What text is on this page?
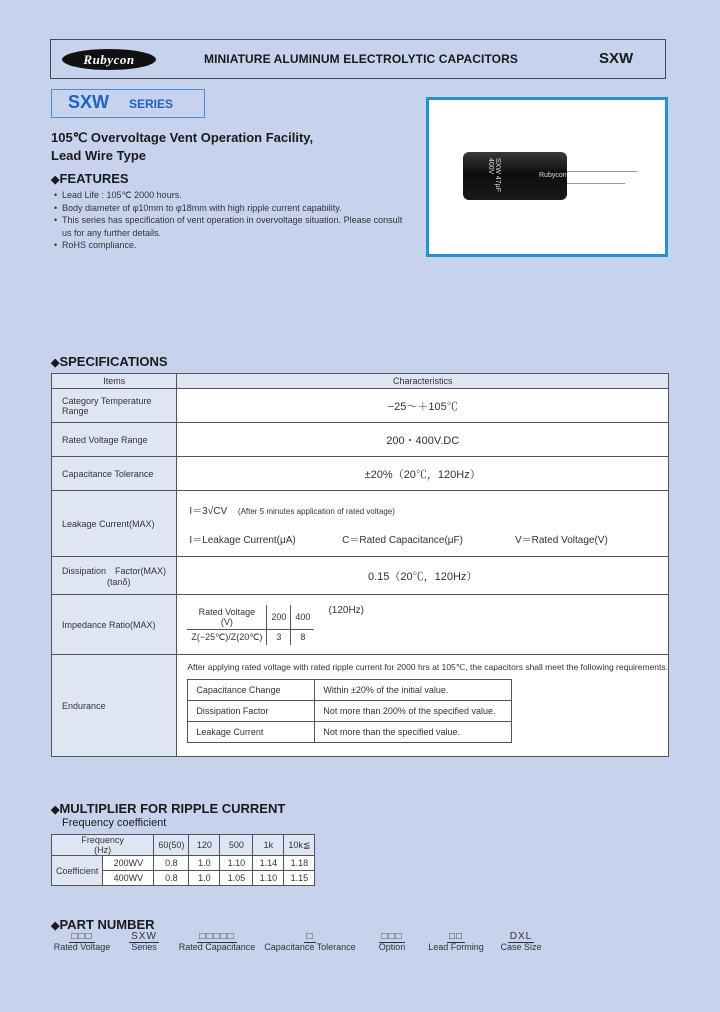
Rubycon	MINIATURE ALUMINUM ELECTROLYTIC CAPACITORS	SXW
SXW SERIES
105℃ Overvoltage Vent Operation Facility,
Lead Wire Type
◆FEATURES
• Lead Life : 105℃ 2000 hours.
• Body diameter of φ10mm to φ18mm with high ripple current capability.
• This series has specification of vent operation in overvoltage situation. Please consult
us for any further details.
• RoHS compliance.
SXW 47µF 400V
Rubycon
◆SPECIFICATIONS
Items	Characteristics
Category Temperature Range	−25～＋105℃
Rated Voltage Range	200・400V.DC
Capacitance Tolerance	±20%（20℃，120Hz）
Leakage Current(MAX)	
I＝3√CV (After 5 minutes application of rated voltage)
I＝Leakage Current(μA)	C＝Rated Capacitance(μF)	V＝Rated Voltage(V)

Dissipation　Factor(MAX)
(tanδ)	0.15（20℃，120Hz）
Impedance Ratio(MAX)	
Rated Voltage
(V)	200	400
Z(−25℃)/Z(20℃)	3	8
(120Hz)

Endurance	
After applying rated voltage with rated ripple current for 2000 hrs at 105℃, the capacitors shall meet the following requirements.
Capacitance Change	Within ±20% of the initial value.
Dissipation Factor	Not more than 200% of the specified value.
Leakage Current	Not more than the specified value.
◆MULTIPLIER FOR RIPPLE CURRENT
Frequency coefficient
Frequency
(Hz)		60(50)	120	500	1k	10k≦
Coefficient	200WV	0.8	1.0	1.10	1.14	1.18
	400WV	0.8	1.0	1.05	1.10	1.15
◆PART NUMBER
□□□
Rated Voltage
SXW
Series
□□□□□
Rated Capacitance
□
Capacitance Tolerance
□□□
Option
□□
Lead Forming
DXL
Case Size
